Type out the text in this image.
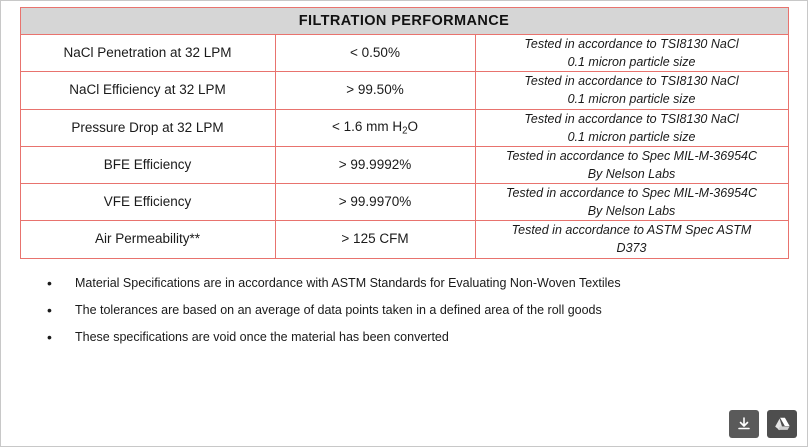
FILTRATION PERFORMANCE		
NaCl Penetration at 32 LPM	< 0.50%	Tested in accordance to TSI8130 NaCl
0.1 micron particle size

NaCl Efficiency at 32 LPM	> 99.50%	Tested in accordance to TSI8130 NaCl
0.1 micron particle size

Pressure Drop at 32 LPM	< 1.6 mm $H_2O$	Tested in accordance to TSI8130 NaCl
0.1 micron particle size

BFE Efficiency	> 99.9992%	Tested in accordance to Spec MIL-M-36954C
By Nelson Labs

VFE Efficiency	> 99.9970%	Tested in accordance to Spec MIL-M-36954C
By Nelson Labs

Air Permeability**	> 125 CFM	Tested in accordance to ASTM Spec ASTM
D373
• Material Specifications are in accordance with ASTM Standards for Evaluating Non-Woven Textiles
• The tolerances are based on an average of data points taken in a defined area of the roll goods
• These specifications are void once the material has been converted
